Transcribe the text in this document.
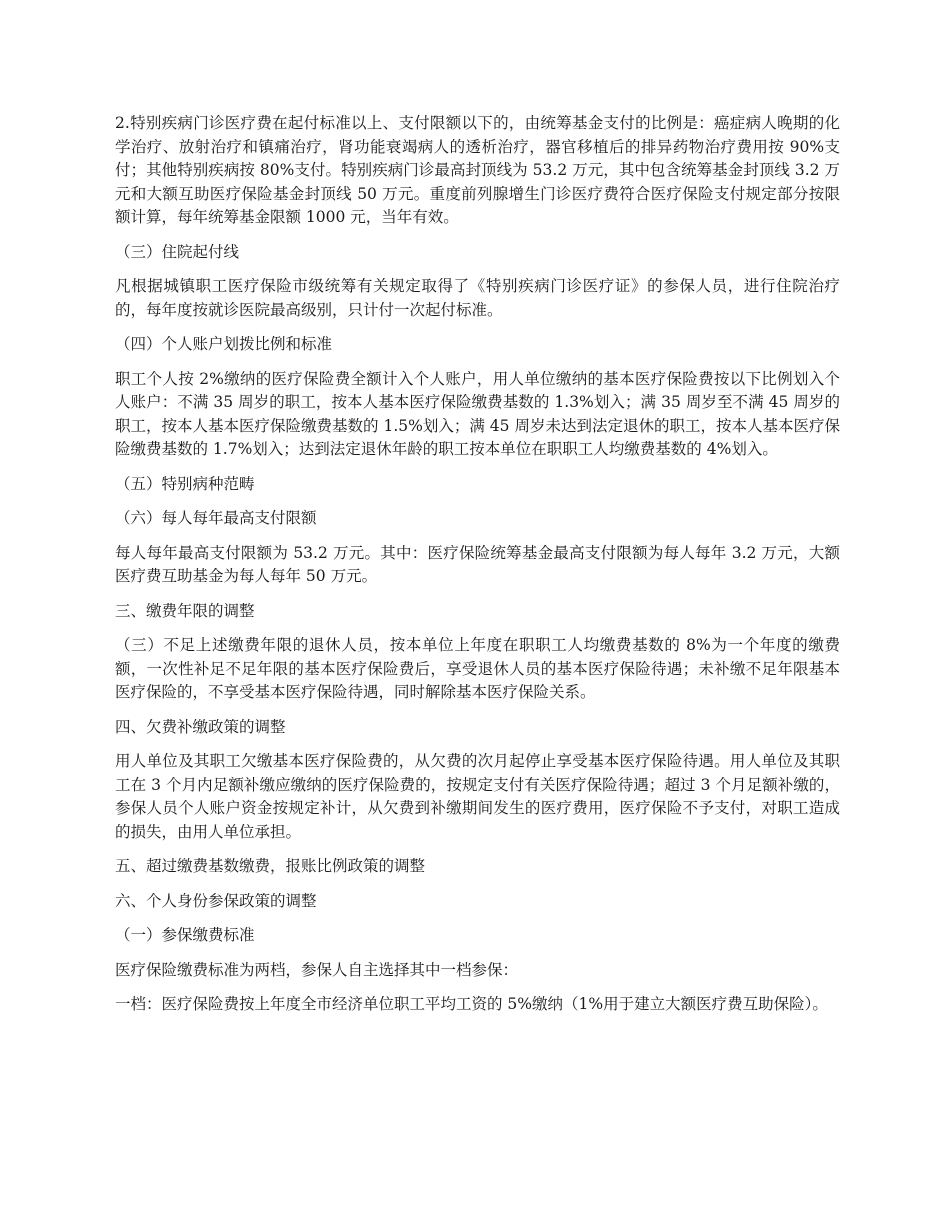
2.特别疾病门诊医疗费在起付标准以上、支付限额以下的，由统筹基金支付的比例是：癌症病人晚期的化学治疗、放射治疗和镇痛治疗，肾功能衰竭病人的透析治疗，器官移植后的排异药物治疗费用按 90%支付；其他特别疾病按 80%支付。特别疾病门诊最高封顶线为 53.2 万元，其中包含统筹基金封顶线 3.2 万元和大额互助医疗保险基金封顶线 50 万元。重度前列腺增生门诊医疗费符合医疗保险支付规定部分按限额计算，每年统筹基金限额 1000 元，当年有效。

（三）住院起付线

凡根据城镇职工医疗保险市级统筹有关规定取得了《特别疾病门诊医疗证》的参保人员，进行住院治疗的，每年度按就诊医院最高级别，只计付一次起付标准。

（四）个人账户划拨比例和标准

职工个人按 2%缴纳的医疗保险费全额计入个人账户，用人单位缴纳的基本医疗保险费按以下比例划入个人账户：不满 35 周岁的职工，按本人基本医疗保险缴费基数的 1.3%划入；满 35 周岁至不满 45 周岁的职工，按本人基本医疗保险缴费基数的 1.5%划入；满 45 周岁未达到法定退休的职工，按本人基本医疗保险缴费基数的 1.7%划入；达到法定退休年龄的职工按本单位在职职工人均缴费基数的 4%划入。

（五）特别病种范畴

（六）每人每年最高支付限额

每人每年最高支付限额为 53.2 万元。其中：医疗保险统筹基金最高支付限额为每人每年 3.2 万元，大额医疗费互助基金为每人每年 50 万元。

三、缴费年限的调整

（三）不足上述缴费年限的退休人员，按本单位上年度在职职工人均缴费基数的 8%为一个年度的缴费额，一次性补足不足年限的基本医疗保险费后，享受退休人员的基本医疗保险待遇；未补缴不足年限基本医疗保险的，不享受基本医疗保险待遇，同时解除基本医疗保险关系。

四、欠费补缴政策的调整

用人单位及其职工欠缴基本医疗保险费的，从欠费的次月起停止享受基本医疗保险待遇。用人单位及其职工在 3 个月内足额补缴应缴纳的医疗保险费的，按规定支付有关医疗保险待遇；超过 3 个月足额补缴的，参保人员个人账户资金按规定补计，从欠费到补缴期间发生的医疗费用，医疗保险不予支付，对职工造成的损失，由用人单位承担。

五、超过缴费基数缴费，报账比例政策的调整

六、个人身份参保政策的调整

（一）参保缴费标准

医疗保险缴费标准为两档，参保人自主选择其中一档参保：

一档：医疗保险费按上年度全市经济单位职工平均工资的 5%缴纳（1%用于建立大额医疗费互助保险）。
